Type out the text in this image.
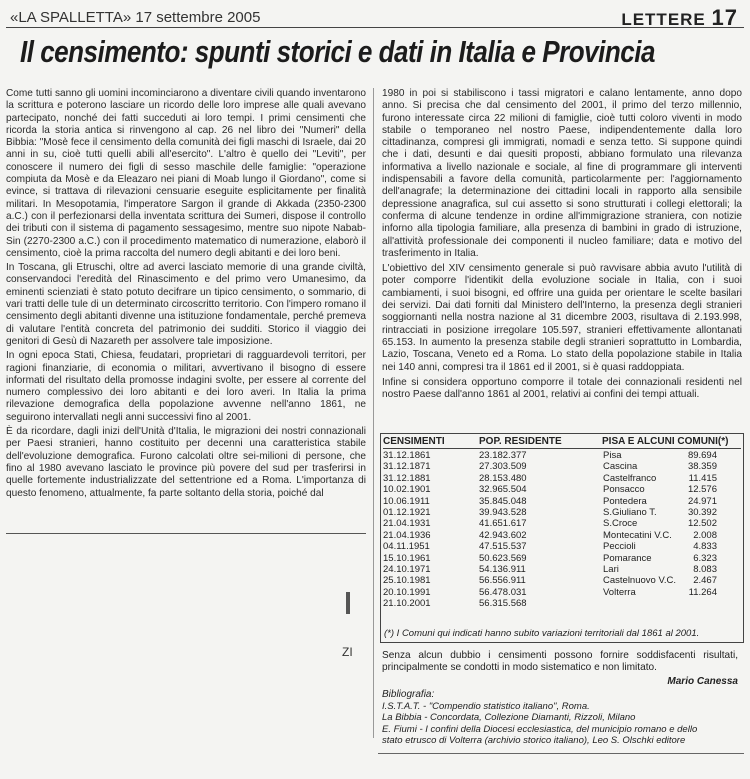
«LA SPALLETTA» 17 settembre 2005	LETTERE 17
Il censimento: spunti storici e dati in Italia e Provincia

Come tutti sanno gli uomini incominciarono a diventare civili quando inventarono la scrittura e poterono lasciare un ricordo delle loro imprese alle quali avevano partecipato, nonché dei fatti succeduti ai loro tempi. I primi censimenti che ricorda la storia antica si rinvengono al cap. 26 nel libro dei "Numeri" della Bibbia: "Mosè fece il censimento della comunità dei figli maschi di Israele, dai 20 anni in su, cioè tutti quelli abili all'esercito". L'altro è quello dei "Leviti", per conoscere il numero dei figli di sesso maschile delle famiglie: "operazione compiuta da Mosè e da Eleazaro nei piani di Moab lungo il Giordano", come si evince, si trattava di rilevazioni censuarie eseguite esplicitamente per finalità militari. In Mesopotamia, l'imperatore Sargon il grande di Akkada (2350-2300 a.C.) con il perfezionarsi della inventata scrittura dei Sumeri, dispose il controllo dei tributi con il sistema di pagamento sessagesimo, mentre suo nipote Nabab-Sin (2270-2300 a.C.) con il procedimento matematico di numerazione, elaborò il censimento, cioè la prima raccolta del numero degli abitanti e dei loro beni.

In Toscana, gli Etruschi, oltre ad averci lasciato memorie di una grande civiltà, conservandoci l'eredità del Rinascimento e del primo vero Umanesimo, da eminenti scienziati è stato potuto decifrare un tipico censimento, o sommario, di vari tratti delle tule di un determinato circoscritto territorio. Con l'impero romano il censimento degli abitanti divenne una istituzione fondamentale, perché premeva di valutare l'entità concreta del patrimonio dei sudditi. Storico il viaggio dei genitori di Gesù di Nazareth per assolvere tale imposizione.

In ogni epoca Stati, Chiesa, feudatari, proprietari di ragguardevoli territori, per ragioni finanziarie, di economia o militari, avvertivano il bisogno di essere informati del risultato della promosse indagini svolte, per essere al corrente del numero complessivo dei loro abitanti e dei loro averi. In Italia la prima rilevazione demografica della popolazione avvenne nell'anno 1861, ne seguirono intervallati negli anni successivi fino al 2001.

È da ricordare, dagli inizi dell'Unità d'Italia, le migrazioni dei nostri connazionali per Paesi stranieri, hanno costituito per decenni una caratteristica stabile dell'evoluzione demografica. Furono calcolati oltre sei-milioni di persone, che fino al 1980 avevano lasciato le province più povere del sud per trasferirsi in quelle fortemente industrializzate del settentrione ed a Roma. L'importanza di questo fenomeno, attualmente, fa parte soltanto della storia, poiché dal

ZI

1980 in poi si stabiliscono i tassi migratori e calano lentamente, anno dopo anno. Si precisa che dal censimento del 2001, il primo del terzo millennio, furono interessate circa 22 milioni di famiglie, cioè tutti coloro viventi in modo stabile o temporaneo nel nostro Paese, indipendentemente dalla loro cittadinanza, compresi gli immigrati, nomadi e senza tetto. Si suppone quindi che i dati, desunti e dai quesiti proposti, abbiano formulato una rilevanza informativa a livello nazionale e sociale, al fine di programmare gli interventi indispensabili a favore della comunità, particolarmente per: l'aggiornamento dell'anagrafe; la determinazione dei cittadini locali in rapporto alla sensibile depressione anagrafica, sul cui assetto si sono strutturati i collegi elettorali; la conferma di alcune tendenze in ordine all'immigrazione straniera, con notizie inforno alla tipologia familiare, alla presenza di bambini in grado di istruzione, all'attività professionale dei componenti il nucleo familiare; data e motivo del trasferimento in Italia.

L'obiettivo del XIV censimento generale si può ravvisare abbia avuto l'utilità di poter comporre l'identikit della evoluzione sociale in Italia, con i suoi cambiamenti, i suoi bisogni, ed offrire una guida per orientare le scelte basilari dei servizi. Dai dati forniti dal Ministero dell'Interno, la presenza degli stranieri soggiornanti nella nostra nazione al 31 dicembre 2003, risultava di 2.193.998, rintracciati in posizione irregolare 105.597, stranieri effettivamente allontanati 65.153. In aumento la presenza stabile degli stranieri soprattutto in Lombardia, Lazio, Toscana, Veneto ed a Roma. Lo stato della popolazione stabile in Italia nei 140 anni, compresi tra il 1861 ed il 2001, si è quasi raddoppiata.

Infine si considera opportuno comporre il totale dei connazionali residenti nel nostro Paese dall'anno 1861 al 2001, relativi ai confini dei tempi attuali.

CENSIMENTI	POP. RESIDENTE	PISA E ALCUNI COMUNI(*)
31.12.1861	23.182.377	Pisa	89.694
31.12.1871	27.303.509	Cascina	38.359
31.12.1881	28.153.480	Castelfranco	11.415
10.02.1901	32.965.504	Ponsacco	12.576
10.06.1911	35.845.048	Pontedera	24.971
01.12.1921	39.943.528	S.Giuliano T.	30.392
21.04.1931	41.651.617	S.Croce	12.502
21.04.1936	42.943.602	Montecatini V.C.	2.008
04.11.1951	47.515.537	Peccioli	4.833
15.10.1961	50.623.569	Pomarance	6.323
24.10.1971	54.136.911	Lari	8.083
25.10.1981	56.556.911	Castelnuovo V.C.	2.467
20.10.1991	56.478.031	Volterra	11.264
21.10.2001	56.315.568
(*) I Comuni qui indicati hanno subito variazioni territoriali dal 1861 al 2001.
Senza alcun dubbio i censimenti possono fornire soddisfacenti risultati, principalmente se condotti in modo sistematico e non limitato.
Mario Canessa
Bibliografia:
I.S.T.A.T. - "Compendio statistico italiano", Roma.
La Bibbia - Concordata, Collezione Diamanti, Rizzoli, Milano
E. Fiumi - I confini della Diocesi ecclesiastica, del municipio romano e dello
stato etrusco di Volterra (archivio storico italiano), Leo S. Olschki editore
